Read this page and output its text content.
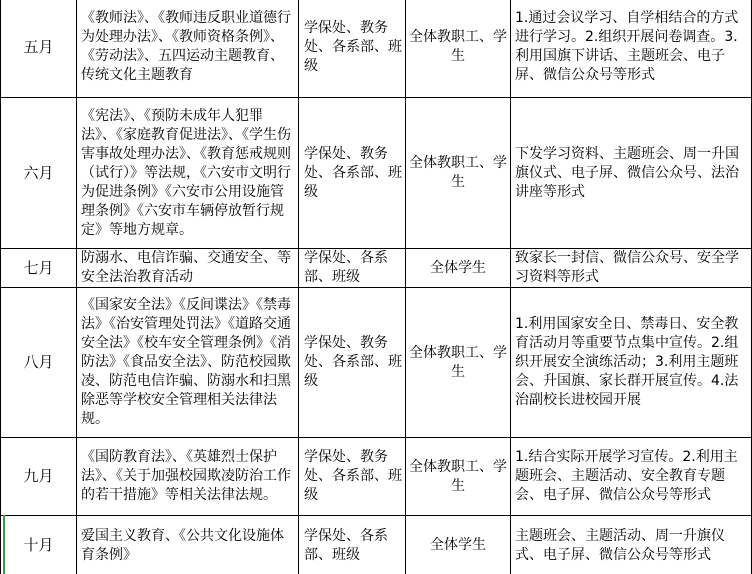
五月	《教师法》、《教师违反职业道德行为处理办法》、《教师资格条例》、《劳动法》、五四运动主题教育、传统文化主题教育	学保处、教务处、各系部、班级	全体教职工、学生	1.通过会议学习、自学相结合的方式进行学习。2.组织开展问卷调查。3.利用国旗下讲话、主题班会、电子屏、微信公众号等形式
六月	《宪法》、《预防未成年人犯罪法》、《家庭教育促进法》、《学生伤害事故处理办法》、《教育惩戒规则（试行）》等法规，《六安市文明行为促进条例》《六安市公用设施管理条例》《六安市车辆停放暂行规定》等地方规章。	学保处、教务处、各系部、班级	全体教职工、学生	下发学习资料、主题班会、周一升国旗仪式、电子屏、微信公众号、法治讲座等形式
七月	防溺水、电信诈骗、交通安全、等安全法治教育活动	学保处、各系部、班级	全体学生	致家长一封信、微信公众号、安全学习资料等形式
八月	《国家安全法》《反间谍法》《禁毒法》《治安管理处罚法》《道路交通安全法》《校车安全管理条例》《消防法》《食品安全法》、防范校园欺凌、防范电信诈骗、防溺水和扫黑除恶等学校安全管理相关法律法规。	学保处、教务处、各系部、班级	全体教职工、学生	1.利用国家安全日、禁毒日、安全教育活动月等重要节点集中宣传。2.组织开展安全演练活动；3.利用主题班会、升国旗、家长群开展宣传。4.法治副校长进校园开展
九月	《国防教育法》、《英雄烈士保护法》、《关于加强校园欺凌防治工作的若干措施》等相关法律法规。	学保处、教务处、各系部、班级	全体教职工、学生	1.结合实际开展学习宣传。2.利用主题班会、主题活动、安全教育专题会、电子屏、微信公众号等形式
十月	爱国主义教育、《公共文化设施体育条例》	学保处、各系部、班级	全体学生	主题班会、主题活动、周一升旗仪式、电子屏、微信公众号等形式
